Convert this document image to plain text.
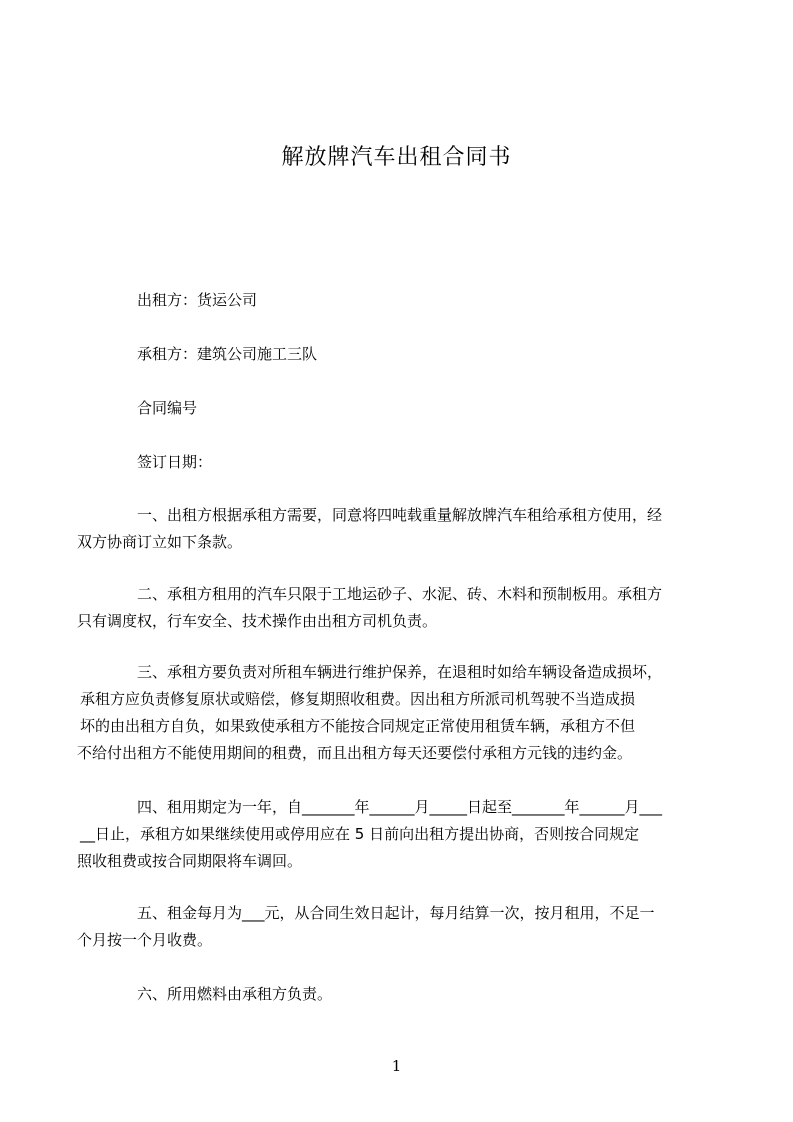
解放牌汽车出租合同书
出租方：货运公司
承租方：建筑公司施工三队
合同编号
签订日期：
一、出租方根据承租方需要，同意将四吨载重量解放牌汽车租给承租方使用，经
双方协商订立如下条款。
二、承租方租用的汽车只限于工地运砂子、水泥、砖、木料和预制板用。承租方
只有调度权，行车安全、技术操作由出租方司机负责。
三、承租方要负责对所租车辆进行维护保养，在退租时如给车辆设备造成损坏，
承租方应负责修复原状或赔偿，修复期照收租费。因出租方所派司机驾驶不当造成损
坏的由出租方自负，如果致使承租方不能按合同规定正常使用租赁车辆，承租方不但
不给付出租方不能使用期间的租费，而且出租方每天还要偿付承租方元钱的违约金。
四、租用期定为一年，自_______年______月_____日起至_______年______月___
__日止，承租方如果继续使用或停用应在 5 日前向出租方提出协商，否则按合同规定
照收租费或按合同期限将车调回。
五、租金每月为___元，从合同生效日起计，每月结算一次，按月租用，不足一
个月按一个月收费。
六、所用燃料由承租方负责。
1
